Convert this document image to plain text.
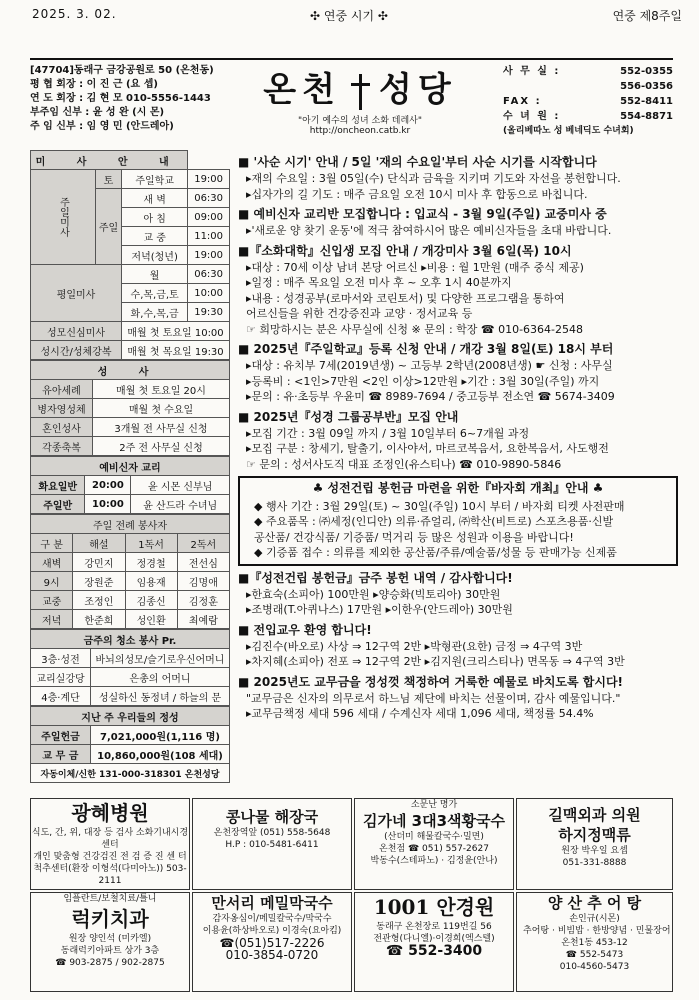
2025. 3. 02.	✣ 연중 시기 ✣	연중 제8주일
[47704]동래구 금강공원로 50 (온천동)
평 협 회장 : 이 진 근 (요 셉)
연 도 회장 : 김 현 모 010-5556-1443
부주임 신부 : 윤 성 완 (시 몬)
주 임 신부 : 임 영 민 (안드레아)
온천 성당
"아기 예수의 성녀 소화 데레사"
http://oncheon.catb.kr
사 무 실 :	552-0355
556-0356
FAX :	552-8411
수 녀 원 :	554-8871
(올리베따노 성 베네딕도 수녀회)
미 사 안 내			
주일미사	토	주일학교	19:00
	주일	새 벽	06:30
		아 침	09:00
		교 중	11:00
		저녁(청년)	19:00
평일미사		월	06:30
		수,목,금,토	10:00
		화,수,목,금	19:30
성모신심미사		매월 첫 토요일 10:00	
성시간/성체강복		매월 첫 목요일 19:30	
성 사	
유아세례	매월 첫 토요일 20시
병자영성체	매월 첫 수요일
혼인성사	3개월 전 사무실 신청
각종축복	2주 전 사무실 신청
예비신자 교리		
화요일반	20:00	윤 시몬 신부님
주일반	10:00	윤 산드라 수녀님
주일 전례 봉사자			
구 분	해설	1독서	2독서
새벽	강민지	정경철	전선심
9시	장원준	임용재	김명애
교중	조정인	김종신	김정훈
저녁	한준희	성인환	최예람
금주의 청소 봉사 Pr.	
3층·성전	바뇌의성모/슬기로우신어머니
교리실강당	은총의 어머니
4층·계단	성실하신 동정녀 / 하늘의 문
지난 주 우리들의 정성	
주일헌금	7,021,000원(1,116 명)
교 무 금	10,860,000원(108 세대)
자동이체/신한 131-000-318301 온천성당	
■ '사순 시기' 안내 / 5일 '재의 수요일'부터 사순 시기를 시작합니다

▸재의 수요일 : 3월 05일(수) 단식과 금육을 지키며 기도와 자선을 봉헌합니다.

▸십자가의 길 기도 : 매주 금요일 오전 10시 미사 후 합동으로 바칩니다.

■ 예비신자 교리반 모집합니다 : 입교식 - 3월 9일(주일) 교중미사 중

▸'새로운 양 찾기 운동'에 적극 참여하시어 많은 예비신자들을 초대 바랍니다.

■『소화대학』신입생 모집 안내 / 개강미사 3월 6일(목) 10시

▸대상 : 70세 이상 남녀 본당 어르신 ▸비용 : 월 1만원 (매주 중식 제공)

▸일정 : 매주 목요일 오전 미사 후 ~ 오후 1시 40분까지

▸내용 : 성경공부(로마서와 코린토서) 및 다양한 프로그램을 통하여

어르신들을 위한 건강증진과 교양 · 정서교육 등

☞ 희망하시는 분은 사무실에 신청 ※ 문의 : 학장 ☎ 010-6364-2548

■ 2025년『주일학교』등록 신청 안내 / 개강 3월 8일(토) 18시 부터

▸대상 : 유치부 7세(2019년생) ~ 고등부 2학년(2008년생) ☛ 신청 : 사무실

▸등록비 : <1인>7만원 <2인 이상>12만원 ▸기간 : 3월 30일(주일) 까지

▸문의 : 유·초등부 우윤미 ☎ 8989-7694 / 중고등부 전소연 ☎ 5674-3409

■ 2025년『성경 그룹공부반』모집 안내

▸모집 기간 : 3월 09일 까지 / 3월 10일부터 6~7개월 과정

▸모집 구분 : 창세기, 탈출기, 이사야서, 마르코복음서, 요한복음서, 사도행전

☞ 문의 : 성서사도직 대표 조정인(유스티나) ☎ 010-9890-5846

♣ 성전건립 봉헌금 마련을 위한『바자회 개최』안내 ♣

◆ 행사 기간 : 3월 29일(토) ~ 30일(주일) 10시 부터 / 바자회 티켓 사전판매

◆ 주요품목 : ㈜세정(인디안) 의류·쥬얼리, ㈜학산(비트로) 스포츠용품·신발

공산품/ 건강식품/ 기증품/ 먹거리 등 많은 성원과 이용을 바랍니다!

◆ 기증품 접수 : 의류를 제외한 공산품/주류/예술품/성물 등 판매가능 신제품

■『성전건립 봉헌금』금주 봉헌 내역 / 감사합니다!

▸한효숙(소피아) 100만원 ▸양승화(빅토리아) 30만원

▸조병래(T.아퀴나스) 17만원 ▸이한우(안드레아) 30만원

■ 전입교우 환영 합니다!

▸김진수(바오로) 사상 ⇒ 12구역 2반 ▸박형관(요한) 금정 ⇒ 4구역 3반

▸차지혜(소피아) 전포 ⇒ 12구역 2반 ▸김지원(크리스티나) 면목동 ⇒ 4구역 3반

■ 2025년도 교무금을 정성껏 책정하여 거룩한 예물로 바치도록 합시다!

"교무금은 신자의 의무로서 하느님 제단에 바치는 선물이며, 감사 예물입니다."

▸교무금책정 세대 596 세대 / 수계신자 세대 1,096 세대, 책정률 54.4%

광혜병원
식도, 간, 위, 대장 등 검사 소화기내시경센터
개인 맞춤형 건강검진 전 검 증 진 센 터
척추센터(환장 이형석(다미아노)) 503-2111
콩나물 해장국
온천장역앞 (051) 558-5648
H.P : 010-5481-6411
소문난 명가
김가네 3대3색황국수
(산더미 해물칼국수·밀면)
온천점 ☎ 051) 557-2627
박동수(스테파노) · 김정윤(안나)
길맥외과 의원
하지정맥류
원장 박우일 요셉
051-331-8888
임플란트/보철치료/틀니
럭키치과
원장 양인석 (미카엘)
동래럭키아파트 상가 3층
☎ 903-2875 / 902-2875
만서리 메밀막국수
감자옹심이/메밀칼국수/막국수
이용윤(하상바오로) 이경숙(요아킴)
☎(051)517-2226
010-3854-0720
1001 안경원
동래구 온천장로 119번길 56
전관형(다니엘)·이경희(엑스텔)
☎ 552-3400
양 산 추 어 탕
손인규(시몬)
추어탕 · 비빔밥 · 한방양념 · 민물장어
온천1동 453-12
☎ 552-5473
010-4560-5473
